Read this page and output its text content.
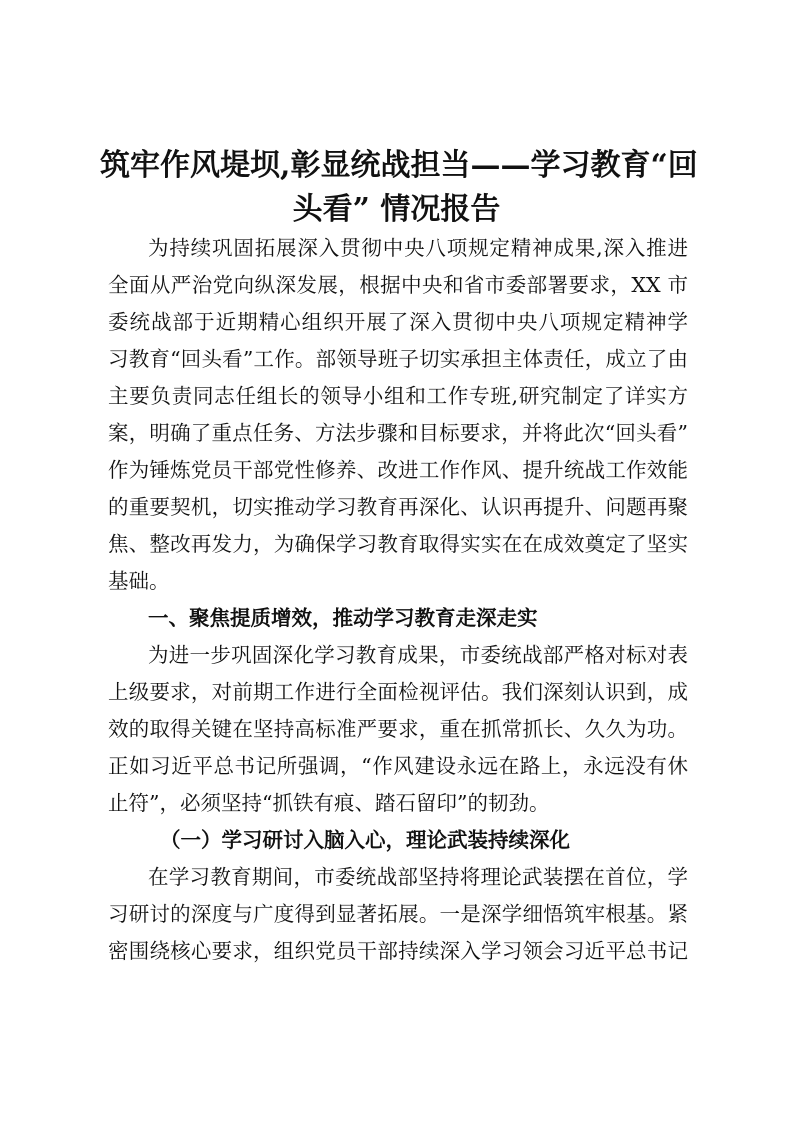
筑牢作风堤坝,彰显统战担当——学习教育“回
头看” 情况报告
为持续巩固拓展深入贯彻中央八项规定精神成果,深入推进
全面从严治党向纵深发展，根据中央和省市委部署要求，XX 市
委统战部于近期精心组织开展了深入贯彻中央八项规定精神学
习教育“回头看”工作。部领导班子切实承担主体责任，成立了由
主要负责同志任组长的领导小组和工作专班,研究制定了详实方
案，明确了重点任务、方法步骤和目标要求，并将此次“回头看”
作为锤炼党员干部党性修养、改进工作作风、提升统战工作效能
的重要契机，切实推动学习教育再深化、认识再提升、问题再聚
焦、整改再发力，为确保学习教育取得实实在在成效奠定了坚实
基础。
一、聚焦提质增效，推动学习教育走深走实
为进一步巩固深化学习教育成果，市委统战部严格对标对表
上级要求，对前期工作进行全面检视评估。我们深刻认识到，成
效的取得关键在坚持高标准严要求，重在抓常抓长、久久为功。
正如习近平总书记所强调，“作风建设永远在路上，永远没有休
止符”，必须坚持“抓铁有痕、踏石留印”的韧劲。
（一）学习研讨入脑入心，理论武装持续深化
在学习教育期间，市委统战部坚持将理论武装摆在首位，学
习研讨的深度与广度得到显著拓展。一是深学细悟筑牢根基。紧
密围绕核心要求，组织党员干部持续深入学习领会习近平总书记
